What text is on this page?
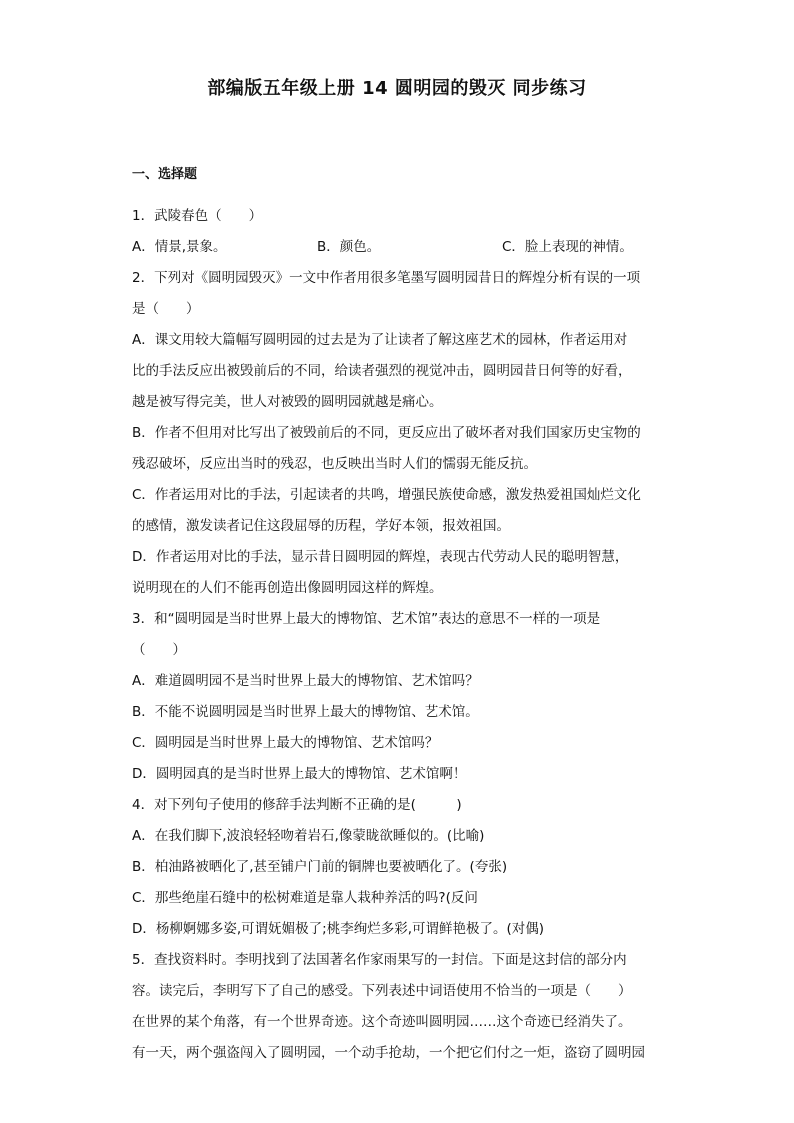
部编版五年级上册 14 圆明园的毁灭 同步练习
一、选择题
1．武陵春色（　　）
A．情景,景象。	B．颜色。	C．脸上表现的神情。
2．下列对《圆明园毁灭》一文中作者用很多笔墨写圆明园昔日的辉煌分析有误的一项
是（　　）
A．课文用较大篇幅写圆明园的过去是为了让读者了解这座艺术的园林，作者运用对
比的手法反应出被毁前后的不同，给读者强烈的视觉冲击，圆明园昔日何等的好看，
越是被写得完美，世人对被毁的圆明园就越是痛心。
B．作者不但用对比写出了被毁前后的不同，更反应出了破坏者对我们国家历史宝物的
残忍破坏，反应出当时的残忍，也反映出当时人们的懦弱无能反抗。
C．作者运用对比的手法，引起读者的共鸣，增强民族使命感，激发热爱祖国灿烂文化
的感情，激发读者记住这段屈辱的历程，学好本领，报效祖国。
D．作者运用对比的手法，显示昔日圆明园的辉煌，表现古代劳动人民的聪明智慧，
说明现在的人们不能再创造出像圆明园这样的辉煌。
3．和“圆明园是当时世界上最大的博物馆、艺术馆”表达的意思不一样的一项是
（　　）
A．难道圆明园不是当时世界上最大的博物馆、艺术馆吗？
B．不能不说圆明园是当时世界上最大的博物馆、艺术馆。
C．圆明园是当时世界上最大的博物馆、艺术馆吗？
D．圆明园真的是当时世界上最大的博物馆、艺术馆啊！
4．对下列句子使用的修辞手法判断不正确的是(　　　)
A．在我们脚下,波浪轻轻吻着岩石,像蒙眬欲睡似的。(比喻)
B．柏油路被晒化了,甚至铺户门前的铜牌也要被晒化了。(夸张)
C．那些绝崖石缝中的松树难道是靠人栽种养活的吗?(反问
D．杨柳婀娜多姿,可谓妩媚极了;桃李绚烂多彩,可谓鲜艳极了。(对偶)
5．查找资料时。李明找到了法国著名作家雨果写的一封信。下面是这封信的部分内
容。读完后，李明写下了自己的感受。下列表述中词语使用不恰当的一项是（　　）
在世界的某个角落，有一个世界奇迹。这个奇迹叫圆明园……这个奇迹已经消失了。
有一天，两个强盗闯入了圆明园，一个动手抢劫，一个把它们付之一炬，盗窃了圆明园
